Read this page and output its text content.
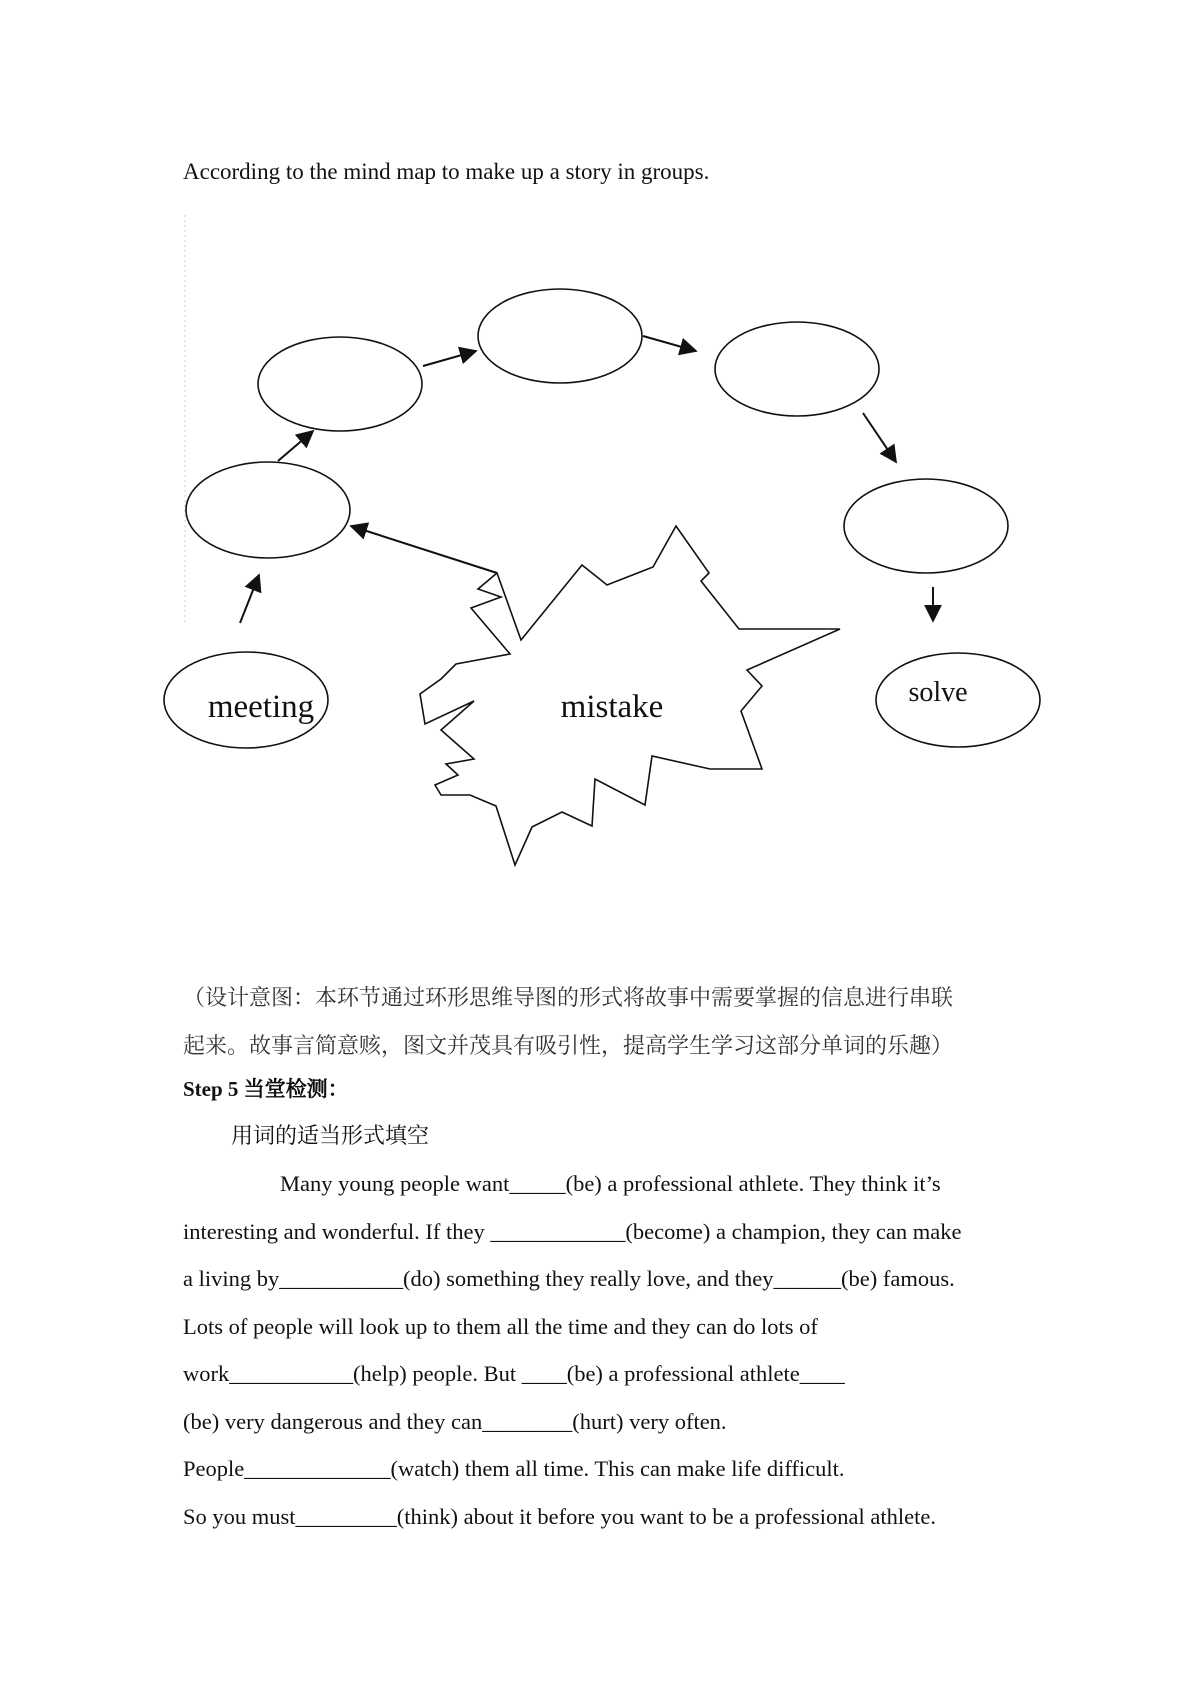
According to the mind map to make up a story in groups.
meeting	mistake	solve

（设计意图：本环节通过环形思维导图的形式将故事中需要掌握的信息进行串联

起来。故事言简意赅，图文并茂具有吸引性，提高学生学习这部分单词的乐趣）

Step 5 当堂检测：
用词的适当形式填空

Many young people want_____(be) a professional athlete. They think it’s

interesting and wonderful. If they ____________(become) a champion, they can make

a living by___________(do) something they really love, and they______(be) famous.

Lots of people will look up to them all the time and they can do lots of

work___________(help) people. But ____(be) a professional athlete____

(be) very dangerous and they can________(hurt) very often.

People_____________(watch) them all time. This can make life difficult.

So you must_________(think) about it before you want to be a professional athlete.
